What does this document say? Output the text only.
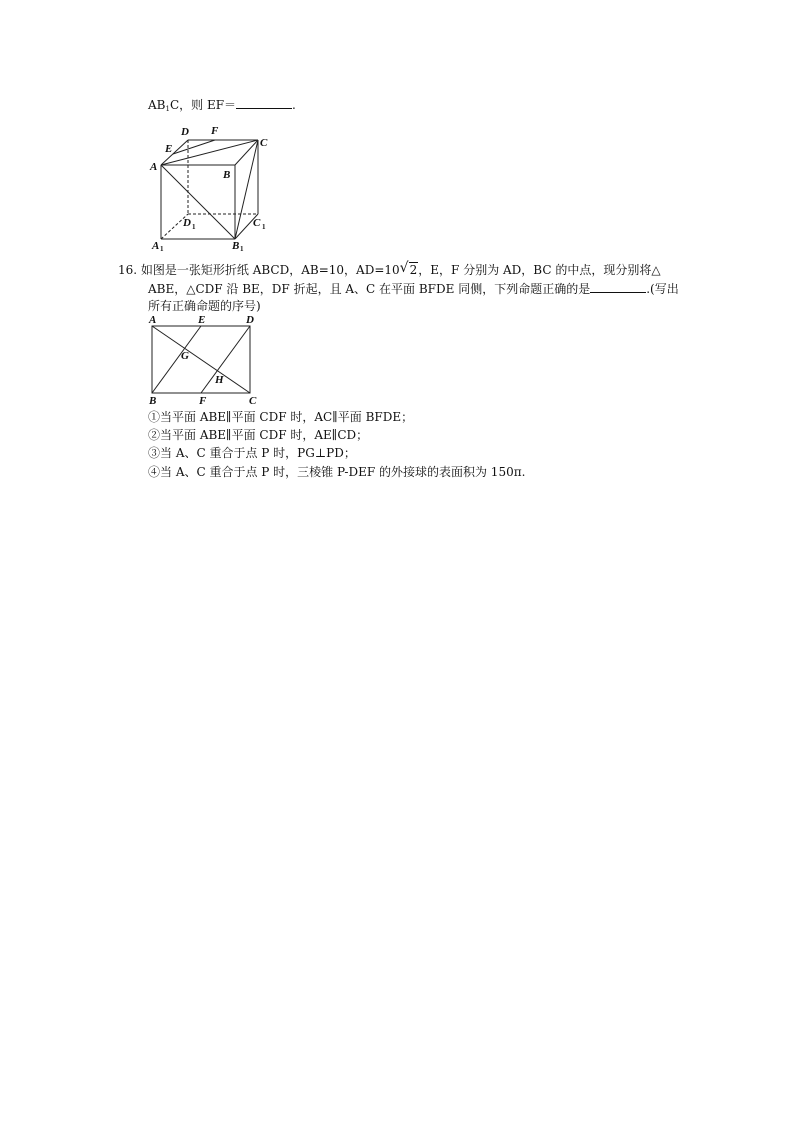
$AB_1C$，则 EF＝	.
D F
C
E
A
B
D 1	C 1
A 1	B 1
16. 如图是一张矩形折纸 ABCD，AB=10，AD=10 √ 2，E，F 分别为 AD，BC 的中点，现分别将△
ABE，△CDF 沿 BE，DF 折起，且 A、C 在平面 BFDE 同侧，下列命题正确的是	.(写出
所有正确命题的序号)
A	E	D
G
H
B	F	C
①当平面 ABE∥平面 CDF 时，AC∥平面 BFDE；
②当平面 ABE∥平面 CDF 时，AE∥CD；
③当 A、C 重合于点 P 时，PG⊥PD；
④当 A、C 重合于点 P 时，三棱锥 P-DEF 的外接球的表面积为 150π.
